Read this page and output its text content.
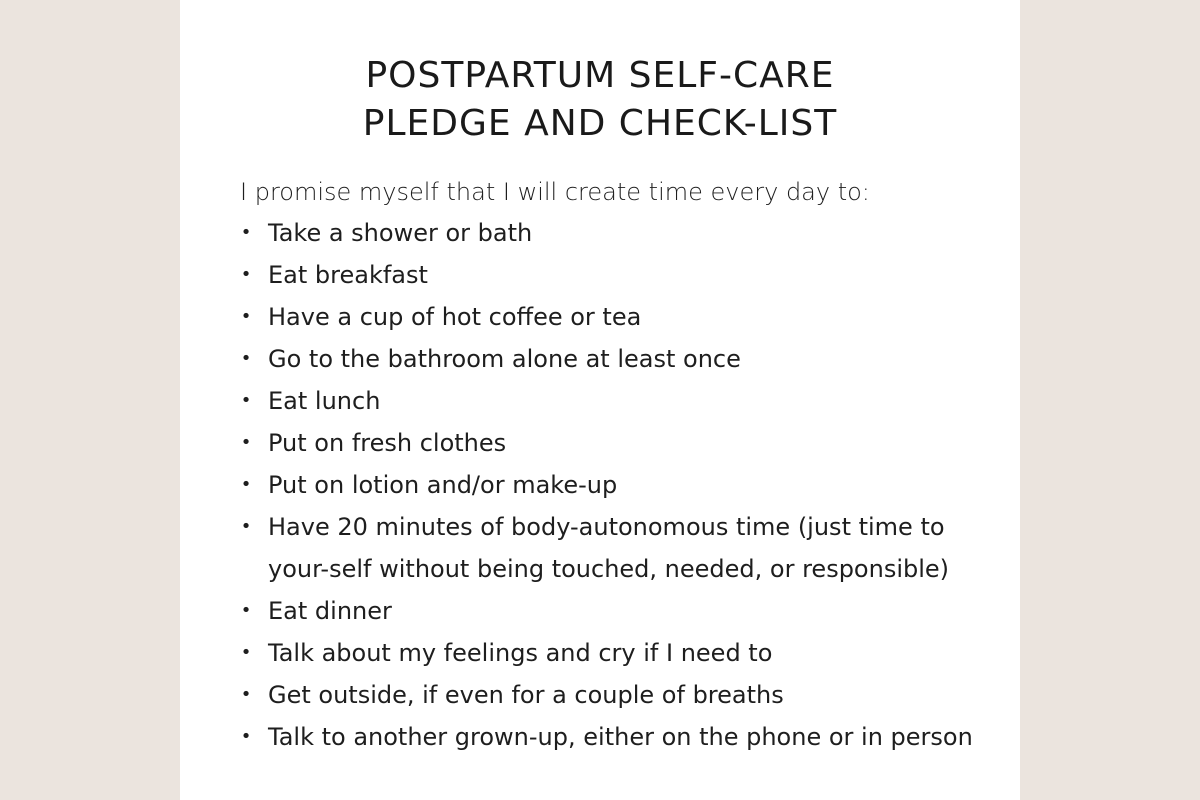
POSTPARTUM SELF-CARE
PLEDGE AND CHECK-LIST

I promise myself that I will create time every day to:

• Take a shower or bath
• Eat breakfast
• Have a cup of hot coffee or tea
• Go to the bathroom alone at least once
• Eat lunch
• Put on fresh clothes
• Put on lotion and/or make-up
• Have 20 minutes of body-autonomous time (just time to your-self without being touched, needed, or responsible)
• Eat dinner
• Talk about my feelings and cry if I need to
• Get outside, if even for a couple of breaths
• Talk to another grown-up, either on the phone or in person
